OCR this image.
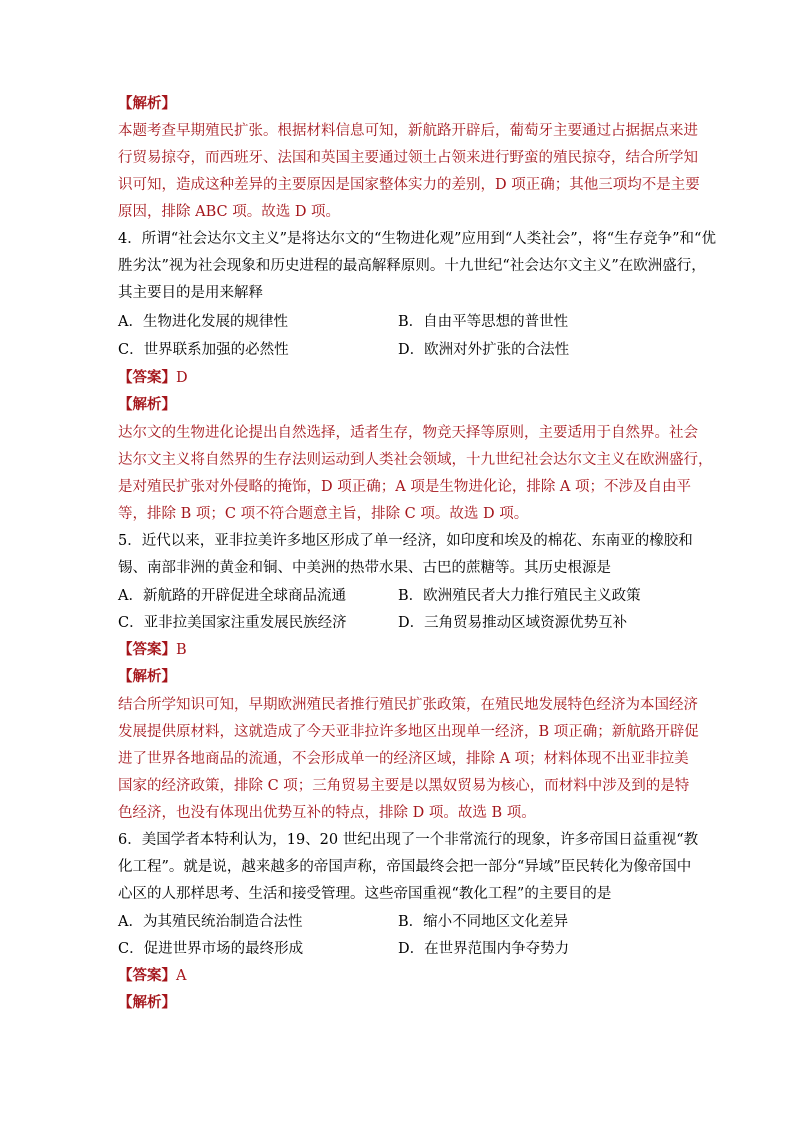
【解析】
本题考查早期殖民扩张。根据材料信息可知，新航路开辟后，葡萄牙主要通过占据据点来进
行贸易掠夺，而西班牙、法国和英国主要通过领土占领来进行野蛮的殖民掠夺，结合所学知
识可知，造成这种差异的主要原因是国家整体实力的差别，D 项正确；其他三项均不是主要
原因，排除 ABC 项。故选 D 项。
4．所谓“社会达尔文主义”是将达尔文的“生物进化观”应用到“人类社会”，将“生存竞争”和“优
胜劣汰”视为社会现象和历史进程的最高解释原则。十九世纪“社会达尔文主义”在欧洲盛行，
其主要目的是用来解释
A．生物进化发展的规律性	B．自由平等思想的普世性
C．世界联系加强的必然性	D．欧洲对外扩张的合法性
【答案】D
【解析】
达尔文的生物进化论提出自然选择，适者生存，物竞天择等原则，主要适用于自然界。社会
达尔文主义将自然界的生存法则运动到人类社会领域，十九世纪社会达尔文主义在欧洲盛行，
是对殖民扩张对外侵略的掩饰，D 项正确；A 项是生物进化论，排除 A 项；不涉及自由平
等，排除 B 项；C 项不符合题意主旨，排除 C 项。故选 D 项。
5．近代以来，亚非拉美许多地区形成了单一经济，如印度和埃及的棉花、东南亚的橡胶和
锡、南部非洲的黄金和铜、中美洲的热带水果、古巴的蔗糖等。其历史根源是
A．新航路的开辟促进全球商品流通	B．欧洲殖民者大力推行殖民主义政策
C．亚非拉美国家注重发展民族经济	D．三角贸易推动区域资源优势互补
【答案】B
【解析】
结合所学知识可知，早期欧洲殖民者推行殖民扩张政策，在殖民地发展特色经济为本国经济
发展提供原材料，这就造成了今天亚非拉许多地区出现单一经济，B 项正确；新航路开辟促
进了世界各地商品的流通，不会形成单一的经济区域，排除 A 项；材料体现不出亚非拉美
国家的经济政策，排除 C 项；三角贸易主要是以黑奴贸易为核心，而材料中涉及到的是特
色经济，也没有体现出优势互补的特点，排除 D 项。故选 B 项。
6．美国学者本特利认为，19、20 世纪出现了一个非常流行的现象，许多帝国日益重视“教
化工程”。就是说，越来越多的帝国声称，帝国最终会把一部分“异域”臣民转化为像帝国中
心区的人那样思考、生活和接受管理。这些帝国重视“教化工程”的主要目的是
A．为其殖民统治制造合法性	B．缩小不同地区文化差异
C．促进世界市场的最终形成	D．在世界范围内争夺势力
【答案】A
【解析】
